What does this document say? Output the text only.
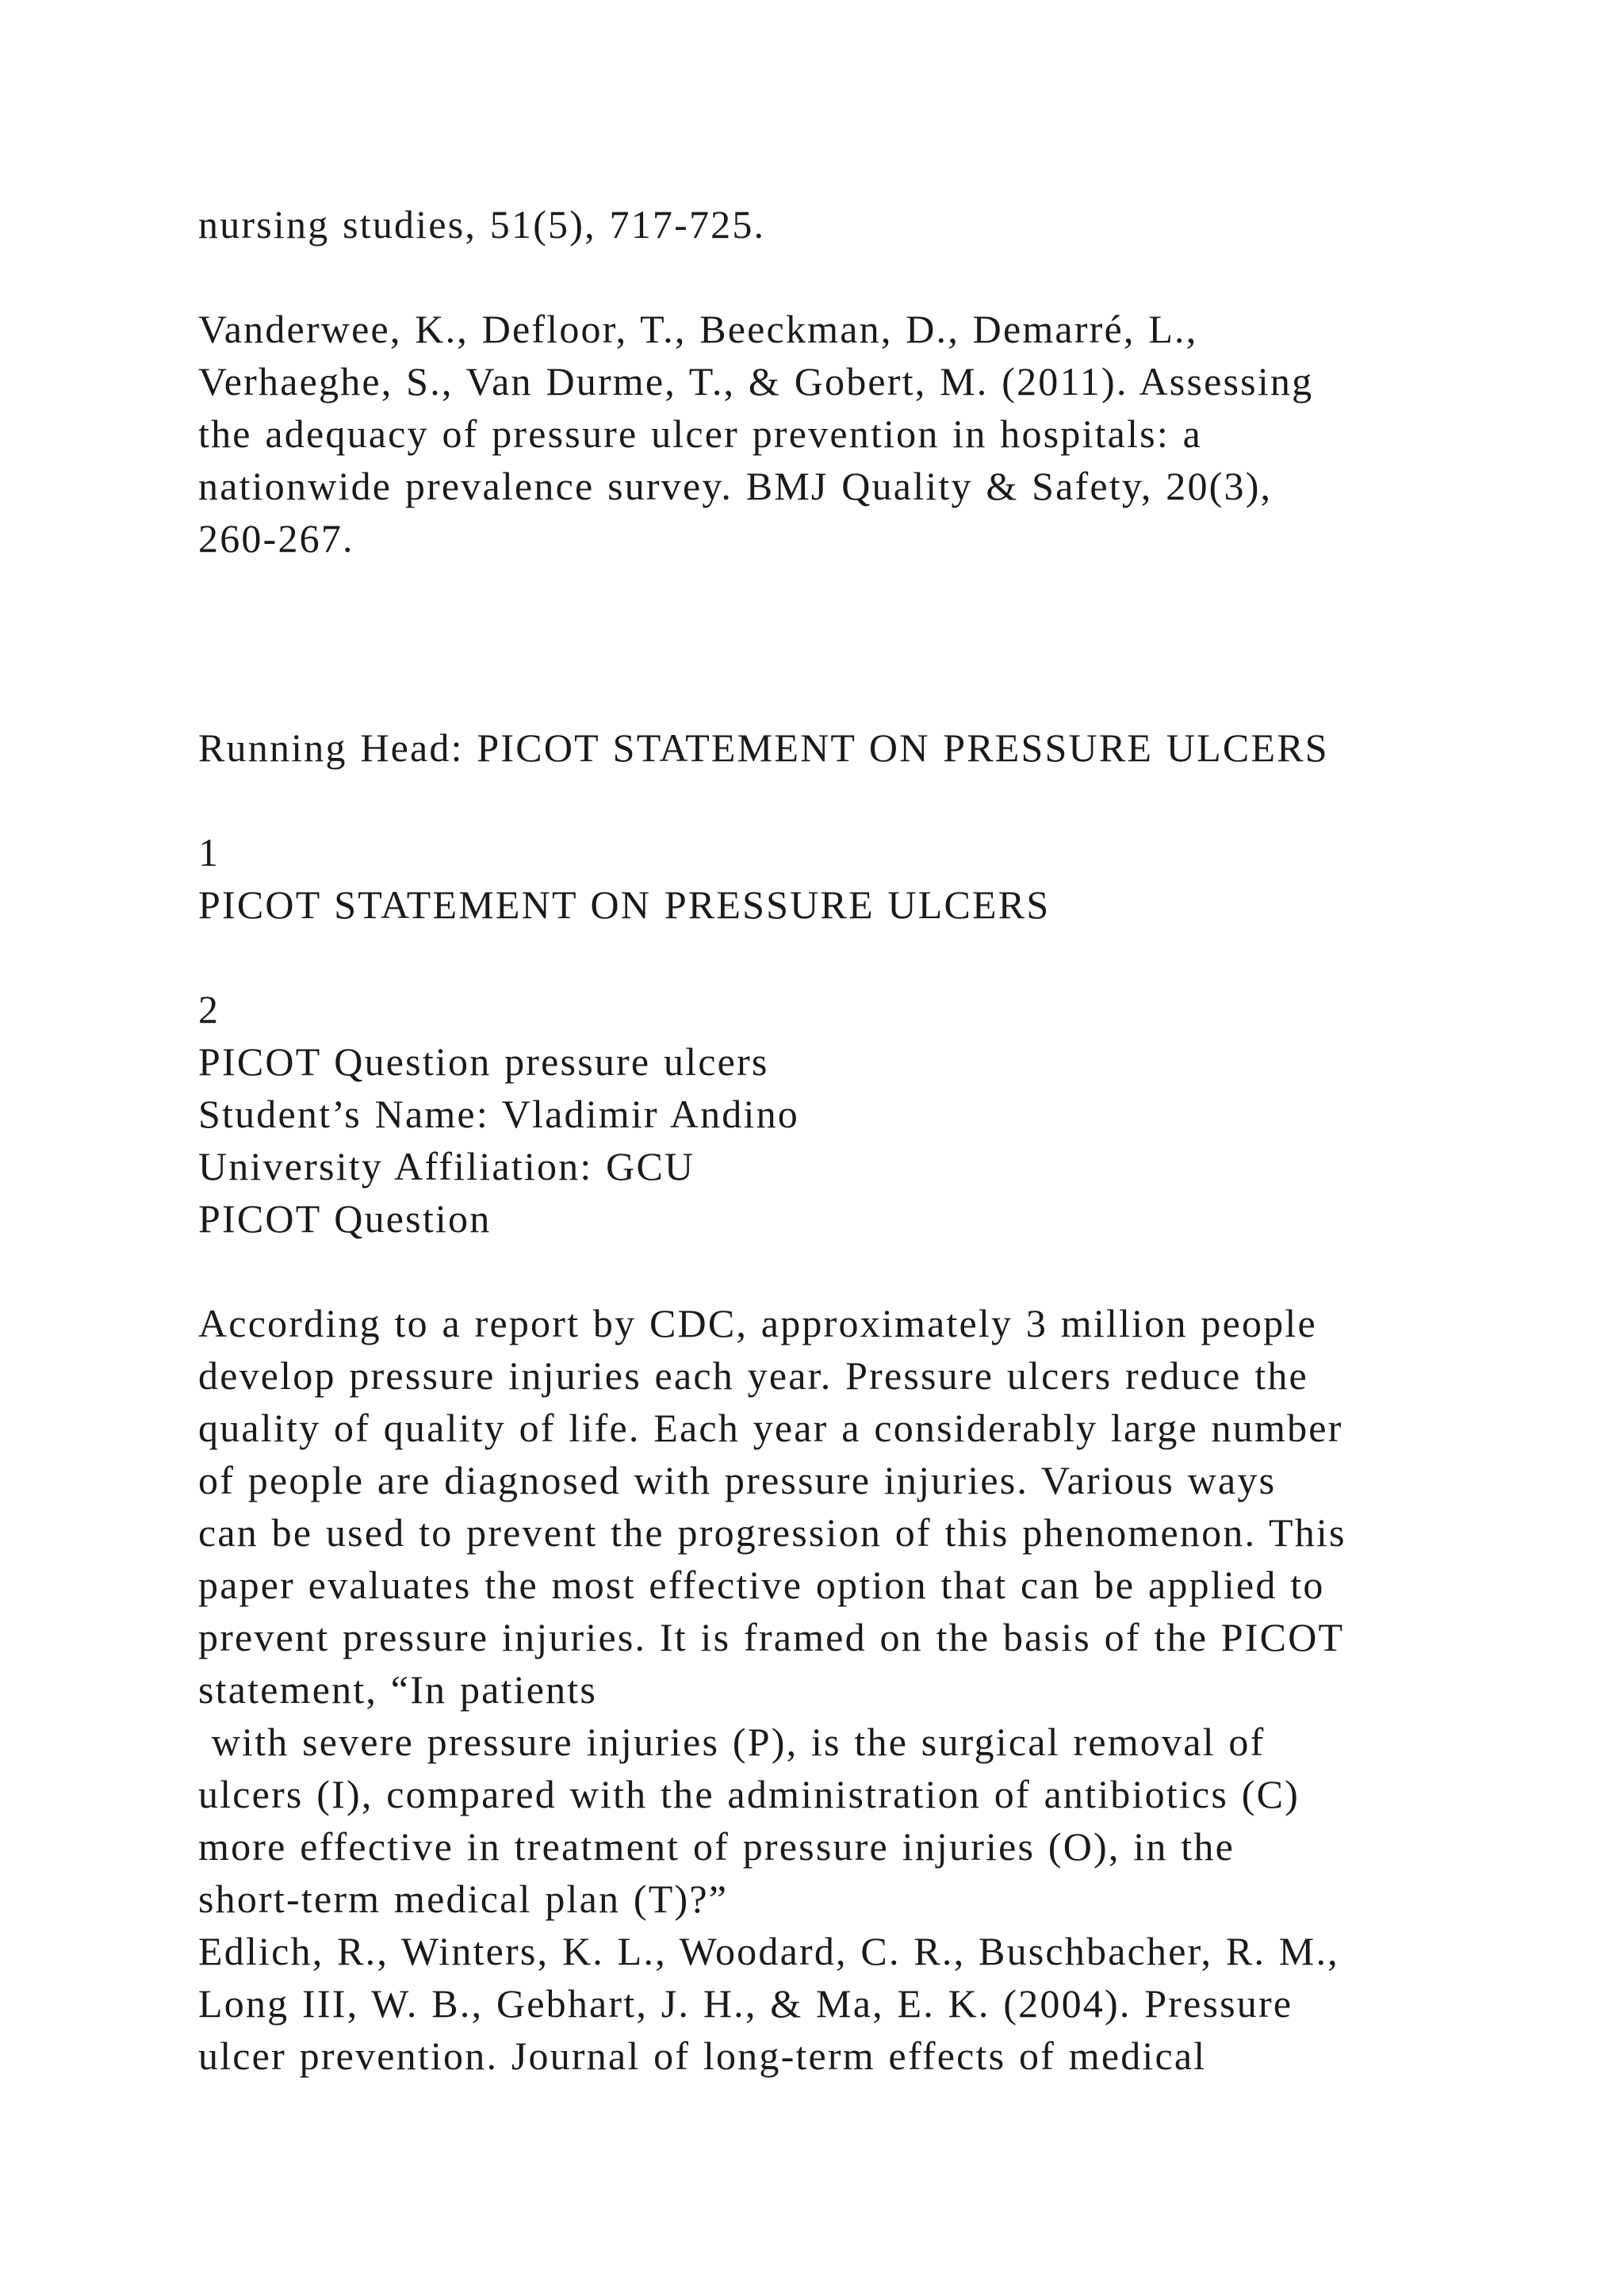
nursing studies, 51(5), 717-725.

Vanderwee, K., Defloor, T., Beeckman, D., Demarré, L.,

Verhaeghe, S., Van Durme, T., & Gobert, M. (2011). Assessing

the adequacy of pressure ulcer prevention in hospitals: a

nationwide prevalence survey. BMJ Quality & Safety, 20(3),

260-267.

Running Head: PICOT STATEMENT ON PRESSURE ULCERS

1

PICOT STATEMENT ON PRESSURE ULCERS

2

PICOT Question pressure ulcers

Student’s Name: Vladimir Andino

University Affiliation: GCU

PICOT Question

According to a report by CDC, approximately 3 million people

develop pressure injuries each year. Pressure ulcers reduce the

quality of quality of life. Each year a considerably large number

of people are diagnosed with pressure injuries. Various ways

can be used to prevent the progression of this phenomenon. This

paper evaluates the most effective option that can be applied to

prevent pressure injuries. It is framed on the basis of the PICOT

statement, “In patients

with severe pressure injuries (P), is the surgical removal of

ulcers (I), compared with the administration of antibiotics (C)

more effective in treatment of pressure injuries (O), in the

short-term medical plan (T)?”

Edlich, R., Winters, K. L., Woodard, C. R., Buschbacher, R. M.,

Long III, W. B., Gebhart, J. H., & Ma, E. K. (2004). Pressure

ulcer prevention. Journal of long-term effects of medical
